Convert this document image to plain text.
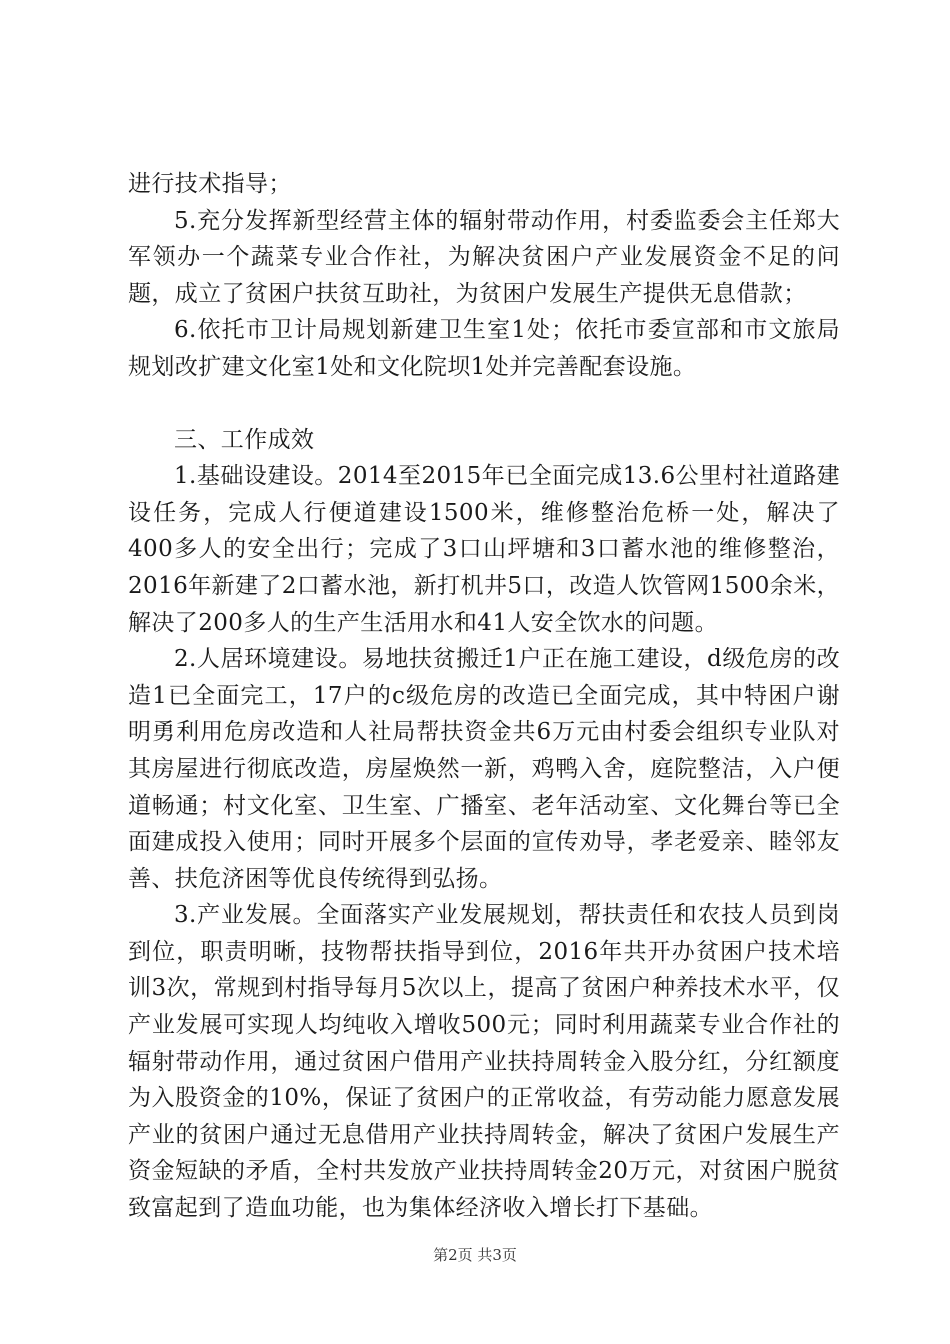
进行技术指导；

5.充分发挥新型经营主体的辐射带动作用，村委监委会主任郑大军领办一个蔬菜专业合作社，为解决贫困户产业发展资金不足的问题，成立了贫困户扶贫互助社，为贫困户发展生产提供无息借款；

6.依托市卫计局规划新建卫生室1处；依托市委宣部和市文旅局规划改扩建文化室1处和文化院坝1处并完善配套设施。

三、工作成效

1.基础设建设。2014至2015年已全面完成13.6公里村社道路建设任务，完成人行便道建设1500米，维修整治危桥一处，解决了400多人的安全出行；完成了3口山坪塘和3口蓄水池的维修整治，2016年新建了2口蓄水池，新打机井5口，改造人饮管网1500余米，解决了200多人的生产生活用水和41人安全饮水的问题。

2.人居环境建设。易地扶贫搬迁1户正在施工建设，d级危房的改造1已全面完工，17户的c级危房的改造已全面完成，其中特困户谢明勇利用危房改造和人社局帮扶资金共6万元由村委会组织专业队对其房屋进行彻底改造，房屋焕然一新，鸡鸭入舍，庭院整洁，入户便道畅通；村文化室、卫生室、广播室、老年活动室、文化舞台等已全面建成投入使用；同时开展多个层面的宣传劝导，孝老爱亲、睦邻友善、扶危济困等优良传统得到弘扬。

3.产业发展。全面落实产业发展规划，帮扶责任和农技人员到岗到位，职责明晰，技物帮扶指导到位，2016年共开办贫困户技术培训3次，常规到村指导每月5次以上，提高了贫困户种养技术水平，仅产业发展可实现人均纯收入增收500元；同时利用蔬菜专业合作社的辐射带动作用，通过贫困户借用产业扶持周转金入股分红，分红额度为入股资金的10%，保证了贫困户的正常收益，有劳动能力愿意发展产业的贫困户通过无息借用产业扶持周转金，解决了贫困户发展生产资金短缺的矛盾，全村共发放产业扶持周转金20万元，对贫困户脱贫致富起到了造血功能，也为集体经济收入增长打下基础。

第2页 共3页
